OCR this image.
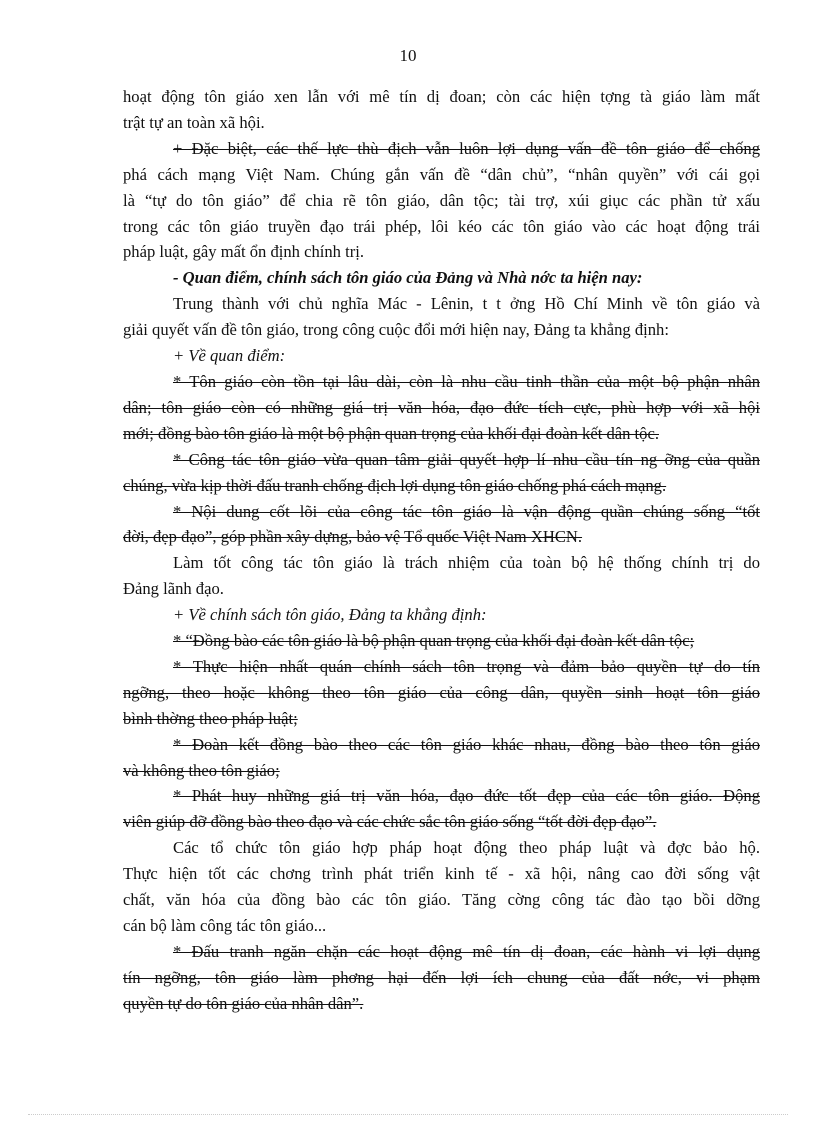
10

hoạt động tôn giáo xen lẫn với mê tín dị đoan; còn các hiện tợng tà giáo làm mất

trật tự an toàn xã hội.

+ Đặc biệt, các thế lực thù địch vẫn luôn lợi dụng vấn đề tôn giáo để chống

phá cách mạng Việt Nam. Chúng gắn vấn đề “dân chủ”, “nhân quyền” với cái gọi

là “tự do tôn giáo” để chia rẽ tôn giáo, dân tộc; tài trợ, xúi giục các phần tử xấu

trong các tôn giáo truyền đạo trái phép, lôi kéo các tôn giáo vào các hoạt động trái

pháp luật, gây mất ổn định chính trị.

- Quan điểm, chính sách tôn giáo của Đảng và Nhà nớc ta hiện nay:

Trung thành với chủ nghĩa Mác - Lênin, t t ởng Hồ Chí Minh về tôn giáo và

giải quyết vấn đề tôn giáo, trong công cuộc đổi mới hiện nay, Đảng ta khẳng định:

+ Về quan điểm:

* Tôn giáo còn tồn tại lâu dài, còn là nhu cầu tinh thần của một bộ phận nhân

dân; tôn giáo còn có những giá trị văn hóa, đạo đức tích cực, phù hợp với xã hội

mới; đồng bào tôn giáo là một bộ phận quan trọng của khối đại đoàn kết dân tộc.

* Công tác tôn giáo vừa quan tâm giải quyết hợp lí nhu cầu tín ng ỡng của quần

chúng, vừa kịp thời đấu tranh chống địch lợi dụng tôn giáo chống phá cách mạng.

* Nội dung cốt lõi của công tác tôn giáo là vận động quần chúng sống “tốt

đời, đẹp đạo”, góp phần xây dựng, bảo vệ Tổ quốc Việt Nam XHCN.

Làm tốt công tác tôn giáo là trách nhiệm của toàn bộ hệ thống chính trị do

Đảng lãnh đạo.

+ Về chính sách tôn giáo, Đảng ta khẳng định:

* “Đồng bào các tôn giáo là bộ phận quan trọng của khối đại đoàn kết dân tộc;

* Thực hiện nhất quán chính sách tôn trọng và đảm bảo quyền tự do tín

ngỡng, theo hoặc không theo tôn giáo của công dân, quyền sinh hoạt tôn giáo

bình thờng theo pháp luật;

* Đoàn kết đồng bào theo các tôn giáo khác nhau, đồng bào theo tôn giáo

và không theo tôn giáo;

* Phát huy những giá trị văn hóa, đạo đức tốt đẹp của các tôn giáo. Động

viên giúp đỡ đồng bào theo đạo và các chức sắc tôn giáo sống “tốt đời đẹp đạo”.

Các tổ chức tôn giáo hợp pháp hoạt động theo pháp luật và đợc bảo hộ.

Thực hiện tốt các chơng trình phát triển kinh tế - xã hội, nâng cao đời sống vật

chất, văn hóa của đồng bào các tôn giáo. Tăng cờng công tác đào tạo bồi dỡng

cán bộ làm công tác tôn giáo...

* Đấu tranh ngăn chặn các hoạt động mê tín dị đoan, các hành vi lợi dụng

tín ngỡng, tôn giáo làm phơng hại đến lợi ích chung của đất nớc, vi phạm

quyền tự do tôn giáo của nhân dân”.
